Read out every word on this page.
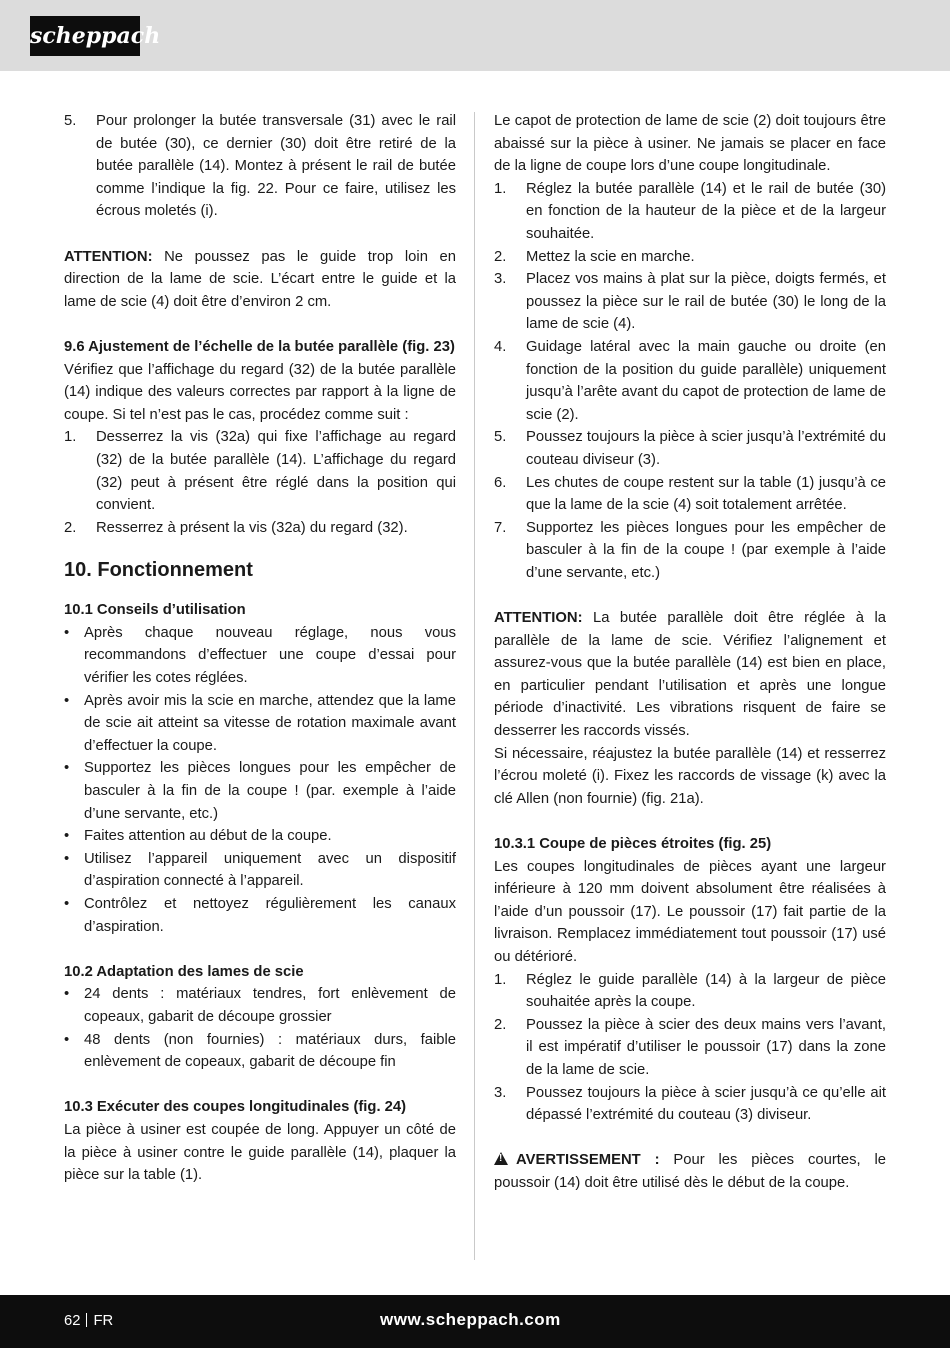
scheppach
5.	Pour prolonger la butée transversale (31) avec le rail de butée (30), ce dernier (30) doit être retiré de la butée parallèle (14). Montez à présent le rail de butée comme l’indique la fig. 22. Pour ce faire, utilisez les écrous moletés (i).

ATTENTION: Ne poussez pas le guide trop loin en direction de la lame de scie. L’écart entre le guide et la lame de scie (4) doit être d’environ 2 cm.

9.6 Ajustement de l’échelle de la butée parallèle (fig. 23)

Vérifiez que l’affichage du regard (32) de la butée parallèle (14) indique des valeurs correctes par rapport à la ligne de coupe. Si tel n’est pas le cas, procédez comme suit :

1.	Desserrez la vis (32a) qui fixe l’affichage au regard (32) de la butée parallèle (14). L’affichage du regard (32) peut à présent être réglé dans la position qui convient.
2.	Resserrez à présent la vis (32a) du regard (32).
10. Fonctionnement

10.1 Conseils d’utilisation

•	Après chaque nouveau réglage, nous vous recommandons d’effectuer une coupe d’essai pour vérifier les cotes réglées.
•	Après avoir mis la scie en marche, attendez que la lame de scie ait atteint sa vitesse de rotation maximale avant d’effectuer la coupe.
•	Supportez les pièces longues pour les empêcher de basculer à la fin de la coupe ! (par. exemple à l’aide d’une servante, etc.)
•	Faites attention au début de la coupe.
•	Utilisez l’appareil uniquement avec un dispositif d’aspiration connecté à l’appareil.
•	Contrôlez et nettoyez régulièrement les canaux d’aspiration.

10.2 Adaptation des lames de scie

•	24 dents : matériaux tendres, fort enlèvement de copeaux, gabarit de découpe grossier
•	48 dents (non fournies) : matériaux durs, faible enlèvement de copeaux, gabarit de découpe fin

10.3 Exécuter des coupes longitudinales (fig. 24)

La pièce à usiner est coupée de long. Appuyer un côté de la pièce à usiner contre le guide parallèle (14), plaquer la pièce sur la table (1).

Le capot de protection de lame de scie (2) doit toujours être abaissé sur la pièce à usiner. Ne jamais se placer en face de la ligne de coupe lors d’une coupe longitudinale.

1.	Réglez la butée parallèle (14) et le rail de butée (30) en fonction de la hauteur de la pièce et de la largeur souhaitée.
2.	Mettez la scie en marche.
3.	Placez vos mains à plat sur la pièce, doigts fermés, et poussez la pièce sur le rail de butée (30) le long de la lame de scie (4).
4.	Guidage latéral avec la main gauche ou droite (en fonction de la position du guide parallèle) uniquement jusqu’à l’arête avant du capot de protection de lame de scie (2).
5.	Poussez toujours la pièce à scier jusqu’à l’extrémité du couteau diviseur (3).
6.	Les chutes de coupe restent sur la table (1) jusqu’à ce que la lame de la scie (4) soit totalement arrêtée.
7.	Supportez les pièces longues pour les empêcher de basculer à la fin de la coupe ! (par exemple à l’aide d’une servante, etc.)

ATTENTION: La butée parallèle doit être réglée à la parallèle de la lame de scie. Vérifiez l’alignement et assurez-vous que la butée parallèle (14) est bien en place, en particulier pendant l’utilisation et après une longue période d’inactivité. Les vibrations risquent de faire se desserrer les raccords vissés.

Si nécessaire, réajustez la butée parallèle (14) et resserrez l’écrou moleté (i). Fixez les raccords de vissage (k) avec la clé Allen (non fournie) (fig. 21a).

10.3.1 Coupe de pièces étroites (fig. 25)

Les coupes longitudinales de pièces ayant une largeur inférieure à 120 mm doivent absolument être réalisées à l’aide d’un poussoir (17). Le poussoir (17) fait partie de la livraison. Remplacez immédiatement tout poussoir (17) usé ou détérioré.

1.	Réglez le guide parallèle (14) à la largeur de pièce souhaitée après la coupe.
2.	Poussez la pièce à scier des deux mains vers l’avant, il est impératif d’utiliser le poussoir (17) dans la zone de la lame de scie.
3.	Poussez toujours la pièce à scier jusqu’à ce qu’elle ait dépassé l’extrémité du couteau (3) diviseur.

!AVERTISSEMENT : Pour les pièces courtes, le poussoir (14) doit être utilisé dès le début de la coupe.

62 FR	www.scheppach.com
